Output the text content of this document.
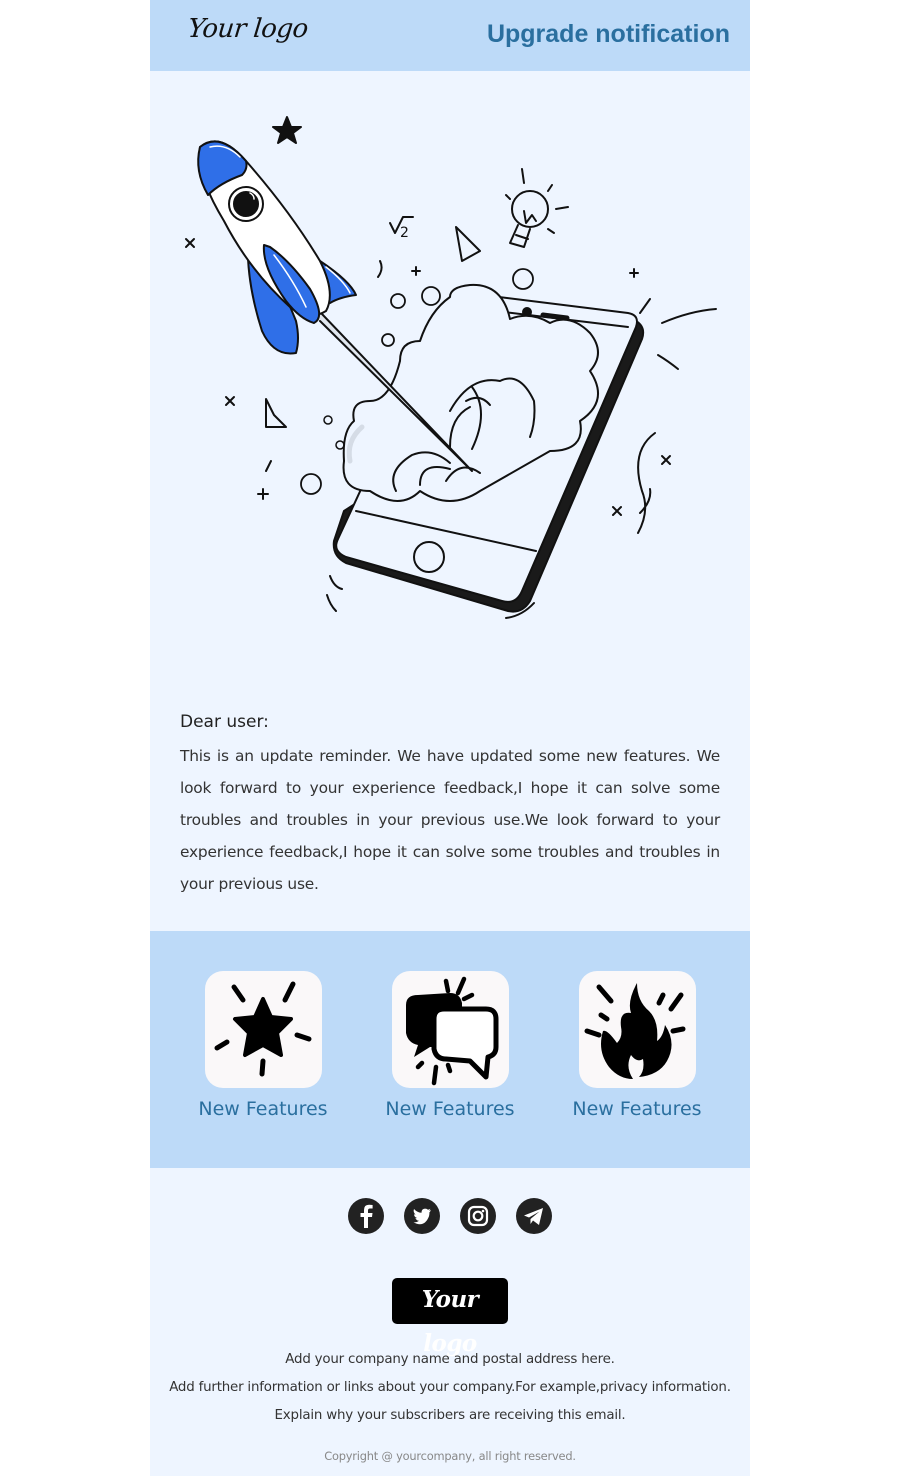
Your logo	Upgrade notification
2
Dear user:
This is an update reminder. We have updated some new features. We look forward to your experience feedback,I hope it can solve some troubles and troubles in your previous use.We look forward to your experience feedback,I hope it can solve some troubles and troubles in your previous use.
New Features	New Features	New Features
Your logo
Add your company name and postal address here.
Add further information or links about your company.For example,privacy information.
Explain why your subscribers are receiving this email.
Copyright @ yourcompany, all right reserved.
